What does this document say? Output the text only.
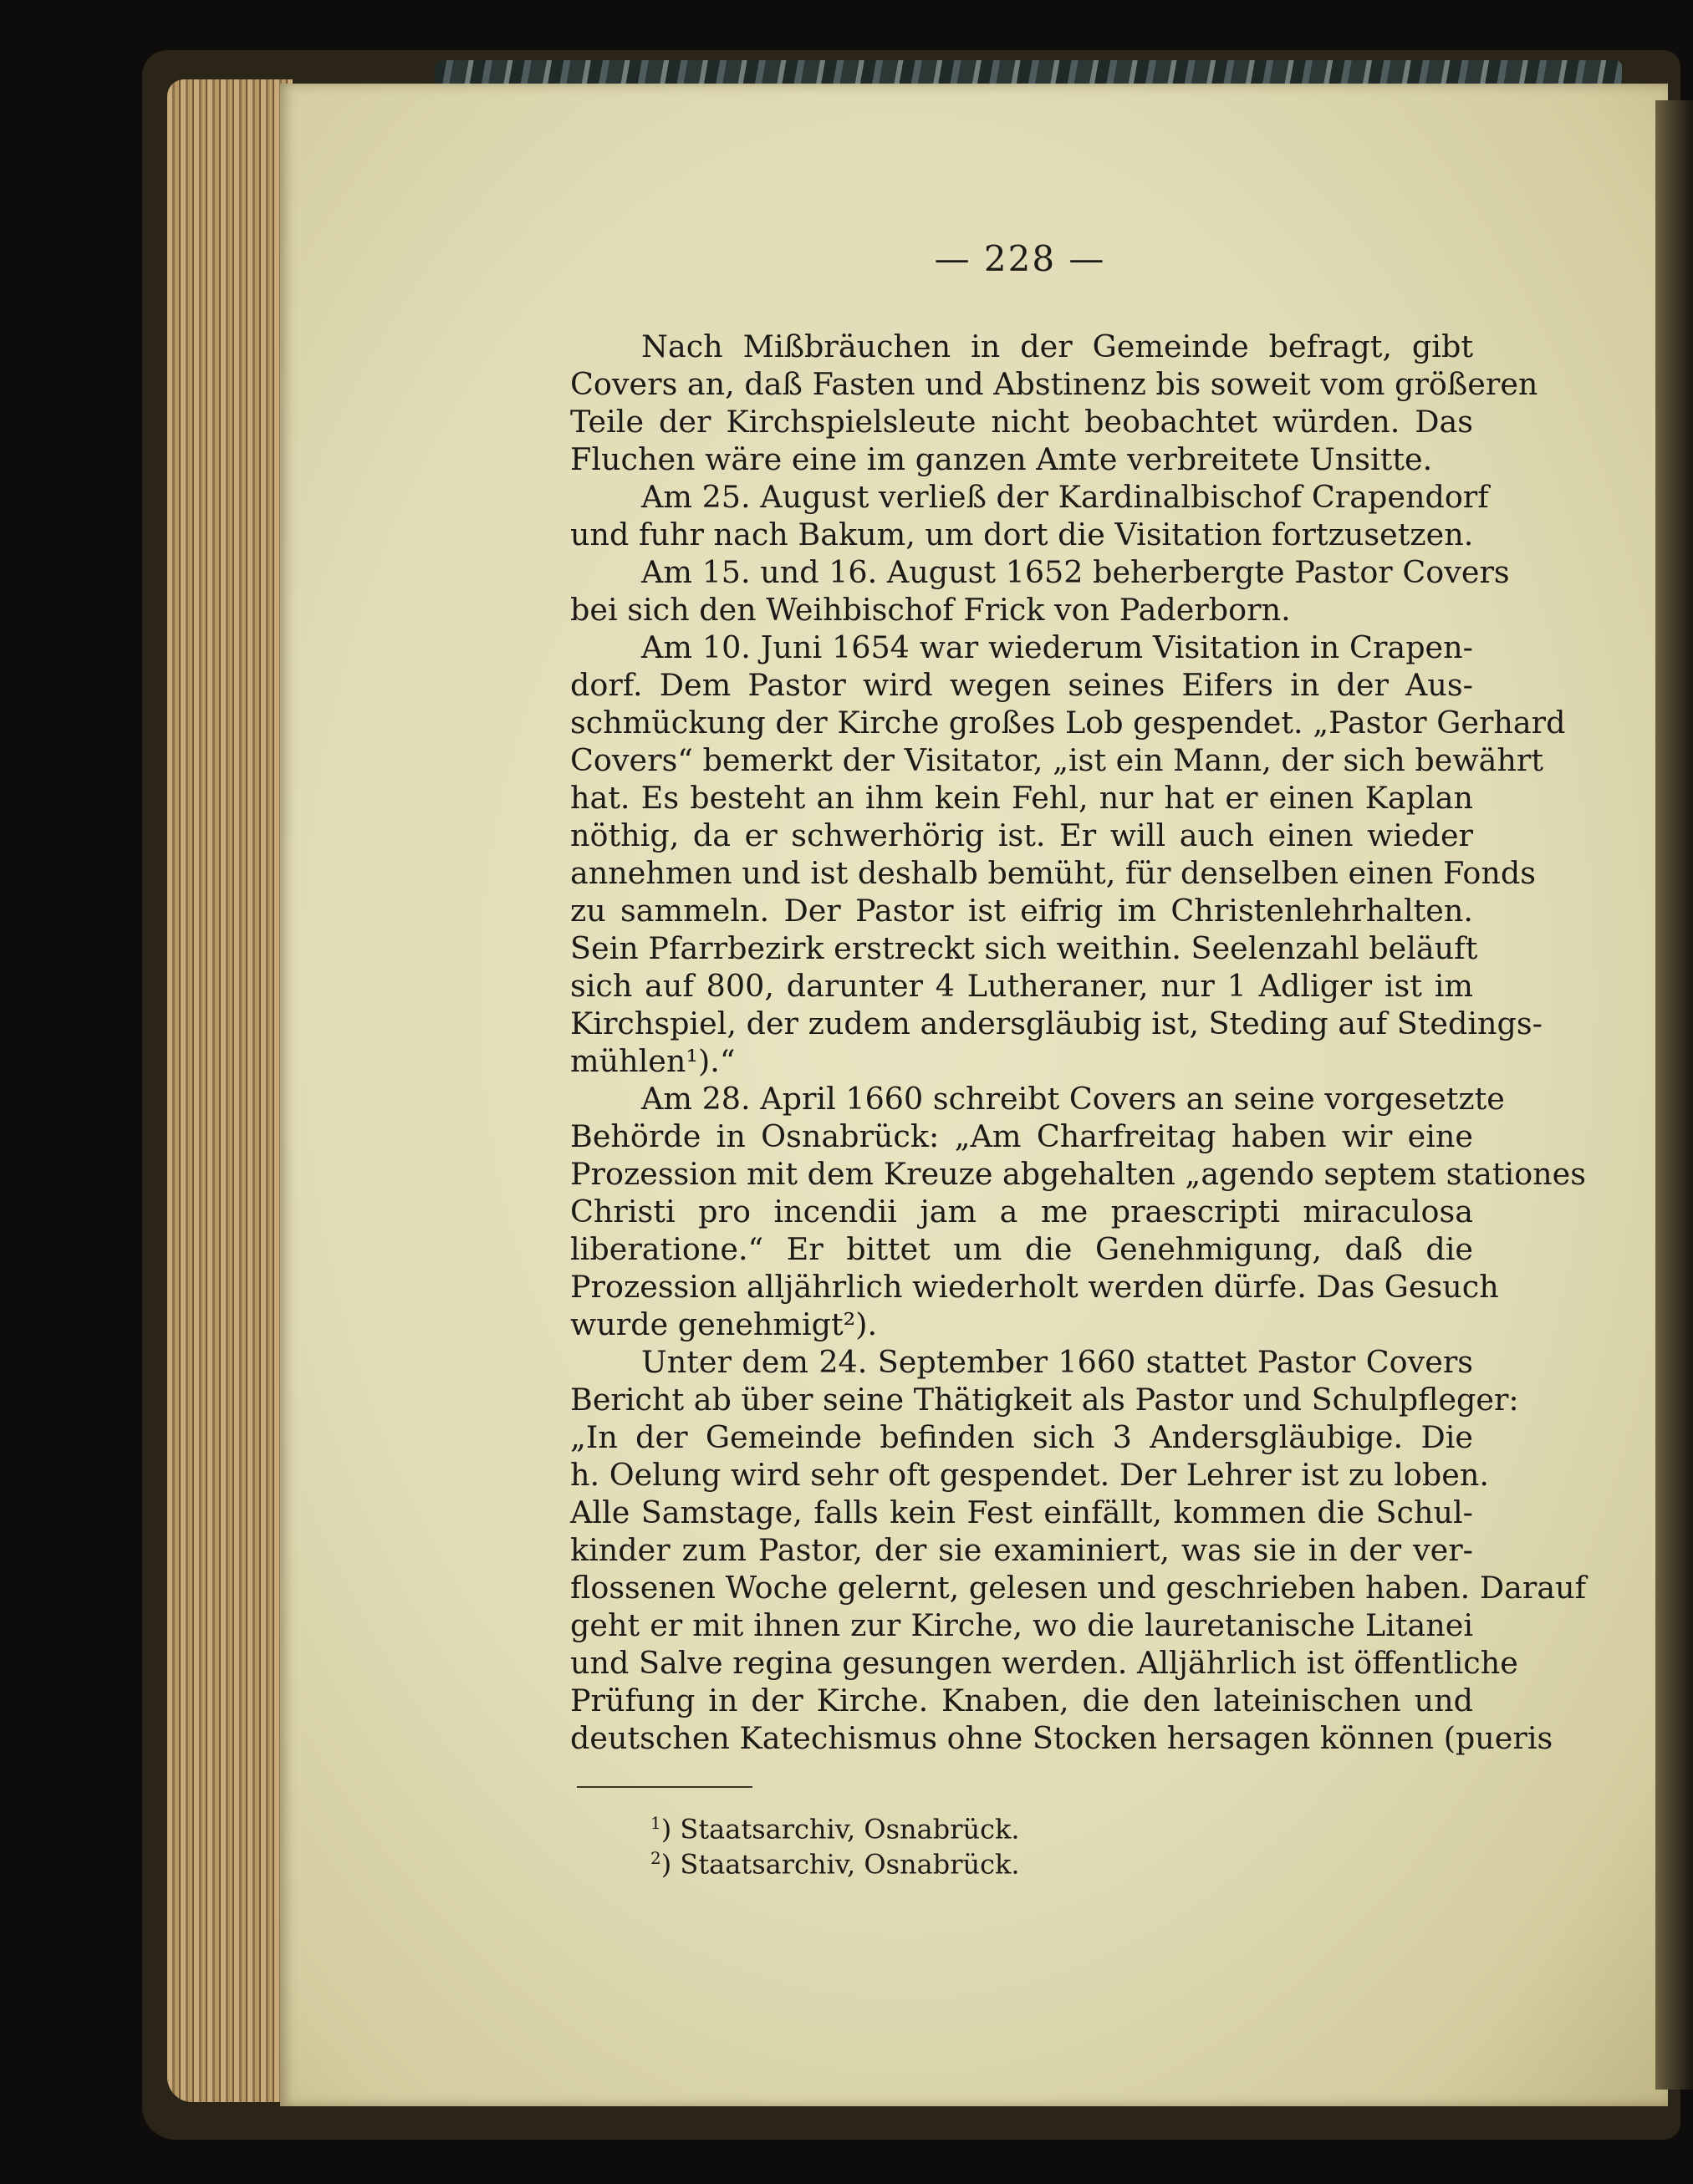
— 228 —
Nach Mißbräuchen in der Gemeinde befragt, gibt
Covers an, daß Fasten und Abstinenz bis soweit vom größeren
Teile der Kirchspielsleute nicht beobachtet würden. Das
Fluchen wäre eine im ganzen Amte verbreitete Unsitte.
Am 25. August verließ der Kardinalbischof Crapendorf
und fuhr nach Bakum, um dort die Visitation fortzusetzen.
Am 15. und 16. August 1652 beherbergte Pastor Covers
bei sich den Weihbischof Frick von Paderborn.
Am 10. Juni 1654 war wiederum Visitation in Crapen-
dorf. Dem Pastor wird wegen seines Eifers in der Aus-
schmückung der Kirche großes Lob gespendet. „Pastor Gerhard
Covers“ bemerkt der Visitator, „ist ein Mann, der sich bewährt
hat. Es besteht an ihm kein Fehl, nur hat er einen Kaplan
nöthig, da er schwerhörig ist. Er will auch einen wieder
annehmen und ist deshalb bemüht, für denselben einen Fonds
zu sammeln. Der Pastor ist eifrig im Christenlehrhalten.
Sein Pfarrbezirk erstreckt sich weithin. Seelenzahl beläuft
sich auf 800, darunter 4 Lutheraner, nur 1 Adliger ist im
Kirchspiel, der zudem andersgläubig ist, Steding auf Stedings-
mühlen¹).“
Am 28. April 1660 schreibt Covers an seine vorgesetzte
Behörde in Osnabrück: „Am Charfreitag haben wir eine
Prozession mit dem Kreuze abgehalten „agendo septem stationes
Christi pro incendii jam a me praescripti miraculosa
liberatione.“ Er bittet um die Genehmigung, daß die
Prozession alljährlich wiederholt werden dürfe. Das Gesuch
wurde genehmigt²).
Unter dem 24. September 1660 stattet Pastor Covers
Bericht ab über seine Thätigkeit als Pastor und Schulpfleger:
„In der Gemeinde befinden sich 3 Andersgläubige. Die
h. Oelung wird sehr oft gespendet. Der Lehrer ist zu loben.
Alle Samstage, falls kein Fest einfällt, kommen die Schul-
kinder zum Pastor, der sie examiniert, was sie in der ver-
flossenen Woche gelernt, gelesen und geschrieben haben. Darauf
geht er mit ihnen zur Kirche, wo die lauretanische Litanei
und Salve regina gesungen werden. Alljährlich ist öffentliche
Prüfung in der Kirche. Knaben, die den lateinischen und
deutschen Katechismus ohne Stocken hersagen können (pueris
$^1$) Staatsarchiv, Osnabrück.
$^2$) Staatsarchiv, Osnabrück.
